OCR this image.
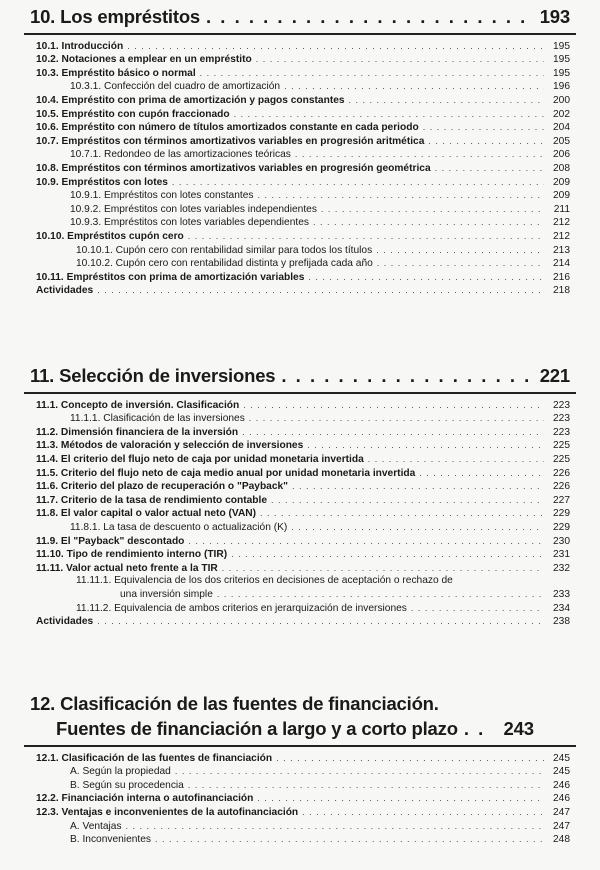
10. Los empréstitos . . .	193
10.1. Introducción . . .	195
10.2. Notaciones a emplear en un empréstito . . .	195
10.3. Empréstito básico o normal . . .	195
10.3.1. Confección del cuadro de amortización . . .	196
10.4. Empréstito con prima de amortización y pagos constantes . . .	200
10.5. Empréstito con cupón fraccionado . . .	202
10.6. Empréstito con número de títulos amortizados constante en cada periodo . . .	204
10.7. Empréstitos con términos amortizativos variables en progresión aritmética . . .	205
10.7.1. Redondeo de las amortizaciones teóricas . . .	206
10.8. Empréstitos con términos amortizativos variables en progresión geométrica . . .	208
10.9. Empréstitos con lotes . . .	209
10.9.1. Empréstitos con lotes constantes . . .	209
10.9.2. Empréstitos con lotes variables independientes . . .	211
10.9.3. Empréstitos con lotes variables dependientes . . .	212
10.10. Empréstitos cupón cero . . .	212
10.10.1. Cupón cero con rentabilidad similar para todos los títulos . . .	213
10.10.2. Cupón cero con rentabilidad distinta y prefijada cada año . . .	214
10.11. Empréstitos con prima de amortización variables . . .	216
Actividades . . .	218
11. Selección de inversiones . . .	221
11.1. Concepto de inversión. Clasificación . . .	223
11.1.1. Clasificación de las inversiones . . .	223
11.2. Dimensión financiera de la inversión . . .	223
11.3. Métodos de valoración y selección de inversiones . . .	225
11.4. El criterio del flujo neto de caja por unidad monetaria invertida . . .	225
11.5. Criterio del flujo neto de caja medio anual por unidad monetaria invertida . . .	226
11.6. Criterio del plazo de recuperación o "Payback" . . .	226
11.7. Criterio de la tasa de rendimiento contable . . .	227
11.8. El valor capital o valor actual neto (VAN) . . .	229
11.8.1. La tasa de descuento o actualización (K) . . .	229
11.9. El "Payback" descontado . . .	230
11.10. Tipo de rendimiento interno (TIR) . . .	231
11.11. Valor actual neto frente a la TIR . . .	232
11.11.1. Equivalencia de los dos criterios en decisiones de aceptación o rechazo de
una inversión simple . . .	233
11.11.2. Equivalencia de ambos criterios en jerarquización de inversiones . . .	234
Actividades . . .	238
12. Clasificación de las fuentes de financiación.
Fuentes de financiación a largo y a corto plazo . . .	243
12.1. Clasificación de las fuentes de financiación . . .	245
A. Según la propiedad . . .	245
B. Según su procedencia . . .	246
12.2. Financiación interna o autofinanciación . . .	246
12.3. Ventajas e inconvenientes de la autofinanciación . . .	247
A. Ventajas . . .	247
B. Inconvenientes . . .	248
